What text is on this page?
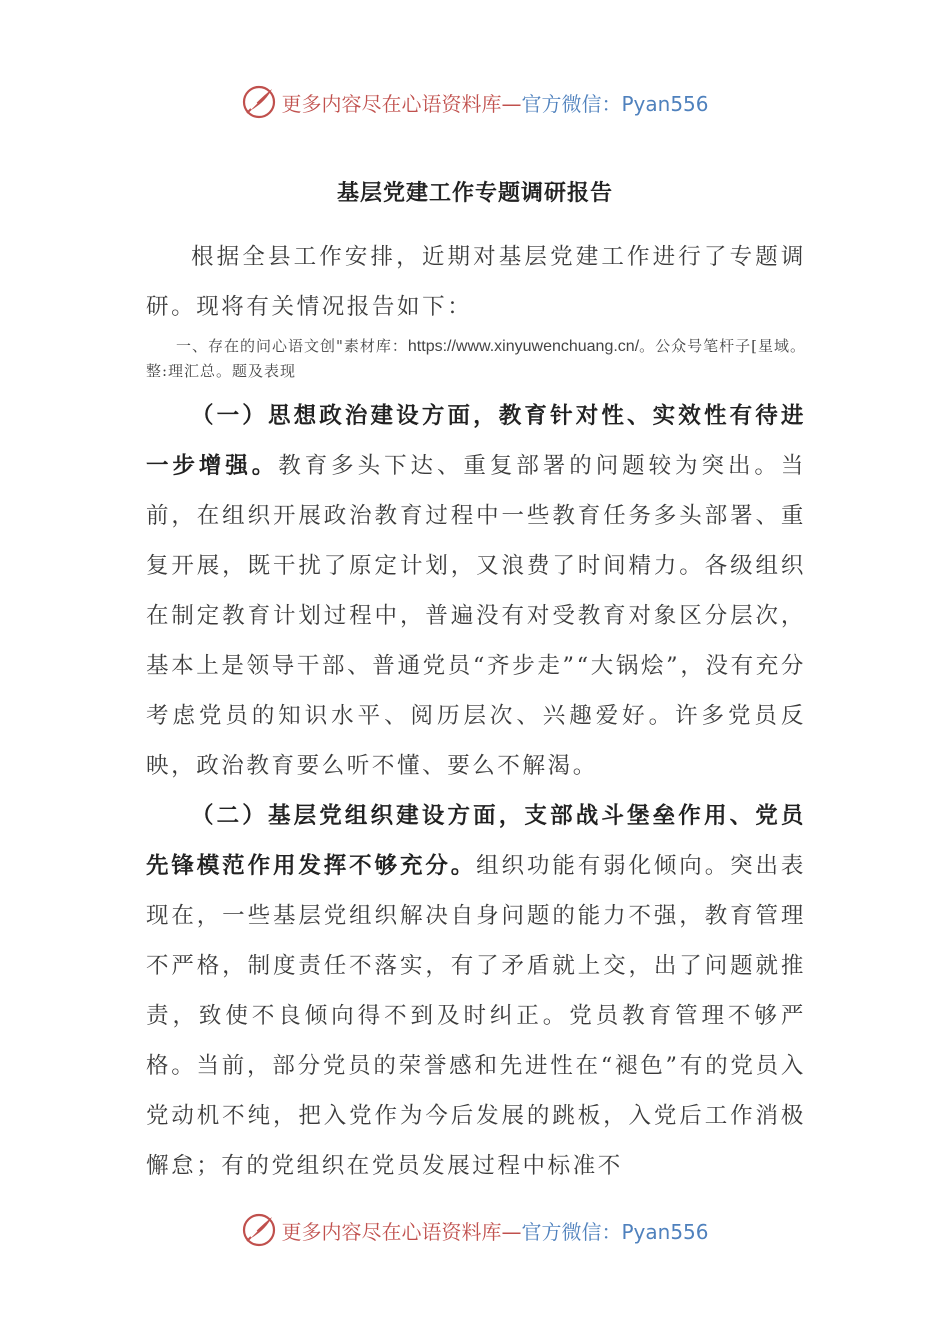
更多内容尽在心语资料库—官方微信：Pyan556
基层党建工作专题调研报告

根据全县工作安排，近期对基层党建工作进行了专题调研。现将有关情况报告如下：

一、存在的问心语文创"素材库：https://www.xinyuwenchuang.cn/。公众号笔杆子[星域。整:理汇总。题及表现

（一）思想政治建设方面，教育针对性、实效性有待进一步增强。教育多头下达、重复部署的问题较为突出。当前，在组织开展政治教育过程中一些教育任务多头部署、重复开展，既干扰了原定计划，又浪费了时间精力。各级组织在制定教育计划过程中，普遍没有对受教育对象区分层次，基本上是领导干部、普通党员“齐步走”“大锅烩”，没有充分考虑党员的知识水平、阅历层次、兴趣爱好。许多党员反映，政治教育要么听不懂、要么不解渴。

（二）基层党组织建设方面，支部战斗堡垒作用、党员先锋模范作用发挥不够充分。组织功能有弱化倾向。突出表现在，一些基层党组织解决自身问题的能力不强，教育管理不严格，制度责任不落实，有了矛盾就上交，出了问题就推责，致使不良倾向得不到及时纠正。党员教育管理不够严格。当前，部分党员的荣誉感和先进性在“褪色”有的党员入党动机不纯，把入党作为今后发展的跳板，入党后工作消极懈怠；有的党组织在党员发展过程中标准不

更多内容尽在心语资料库—官方微信：Pyan556
